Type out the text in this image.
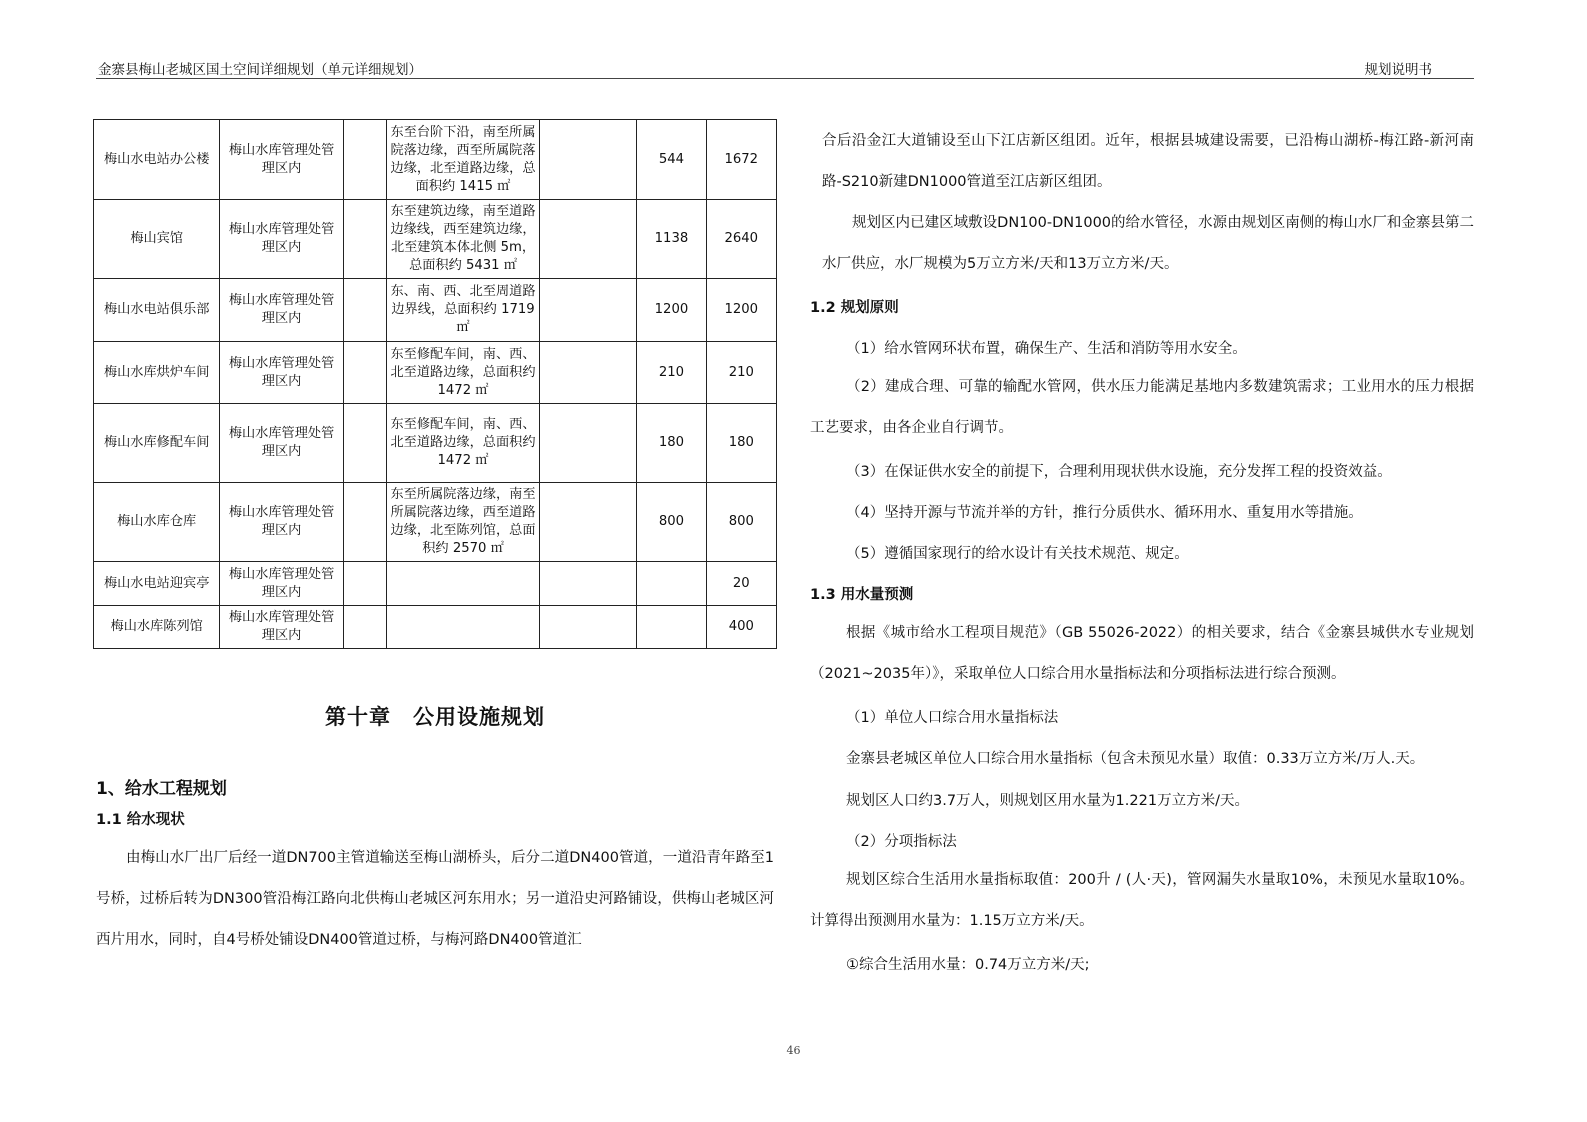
金寨县梅山老城区国土空间详细规划（单元详细规划）	规划说明书
梅山水电站办公楼	梅山水库管理处管理区内		东至台阶下沿，南至所属院落边缘，西至所属院落边缘，北至道路边缘，总面积约 1415 ㎡		544	1672
梅山宾馆	梅山水库管理处管理区内		东至建筑边缘，南至道路边缘线，西至建筑边缘，北至建筑本体北侧 5m，总面积约 5431 ㎡		1138	2640
梅山水电站俱乐部	梅山水库管理处管理区内		东、南、西、北至周道路边界线，总面积约 1719 ㎡		1200	1200
梅山水库烘炉车间	梅山水库管理处管理区内		东至修配车间，南、西、北至道路边缘，总面积约 1472 ㎡		210	210
梅山水库修配车间	梅山水库管理处管理区内		东至修配车间，南、西、北至道路边缘，总面积约 1472 ㎡		180	180
梅山水库仓库	梅山水库管理处管理区内		东至所属院落边缘，南至所属院落边缘，西至道路边缘，北至陈列馆，总面积约 2570 ㎡		800	800
梅山水电站迎宾亭	梅山水库管理处管理区内					20
梅山水库陈列馆	梅山水库管理处管理区内					400
第十章　公用设施规划
1、给水工程规划
1.1 给水现状
由梅山水厂出厂后经一道DN700主管道输送至梅山湖桥头，后分二道DN400管道，一道沿青年路至1号桥，过桥后转为DN300管沿梅江路向北供梅山老城区河东用水；另一道沿史河路铺设，供梅山老城区河西片用水，同时，自4号桥处铺设DN400管道过桥，与梅河路DN400管道汇
合后沿金江大道铺设至山下江店新区组团。近年，根据县城建设需要，已沿梅山湖桥-梅江路-新河南路-S210新建DN1000管道至江店新区组团。
规划区内已建区域敷设DN100-DN1000的给水管径，水源由规划区南侧的梅山水厂和金寨县第二水厂供应，水厂规模为5万立方米/天和13万立方米/天。
1.2 规划原则
（1）给水管网环状布置，确保生产、生活和消防等用水安全。
（2）建成合理、可靠的输配水管网，供水压力能满足基地内多数建筑需求；工业用水的压力根据工艺要求，由各企业自行调节。
（3）在保证供水安全的前提下，合理利用现状供水设施，充分发挥工程的投资效益。
（4）坚持开源与节流并举的方针，推行分质供水、循环用水、重复用水等措施。
（5）遵循国家现行的给水设计有关技术规范、规定。
1.3 用水量预测
根据《城市给水工程项目规范》（GB 55026-2022）的相关要求，结合《金寨县城供水专业规划（2021~2035年）》，采取单位人口综合用水量指标法和分项指标法进行综合预测。
（1）单位人口综合用水量指标法
金寨县老城区单位人口综合用水量指标（包含未预见水量）取值：0.33万立方米/万人.天。
规划区人口约3.7万人，则规划区用水量为1.221万立方米/天。
（2）分项指标法
规划区综合生活用水量指标取值：200升 / (人·天)，管网漏失水量取10%，未预见水量取10%。计算得出预测用水量为：1.15万立方米/天。
①综合生活用水量：0.74万立方米/天;
46
